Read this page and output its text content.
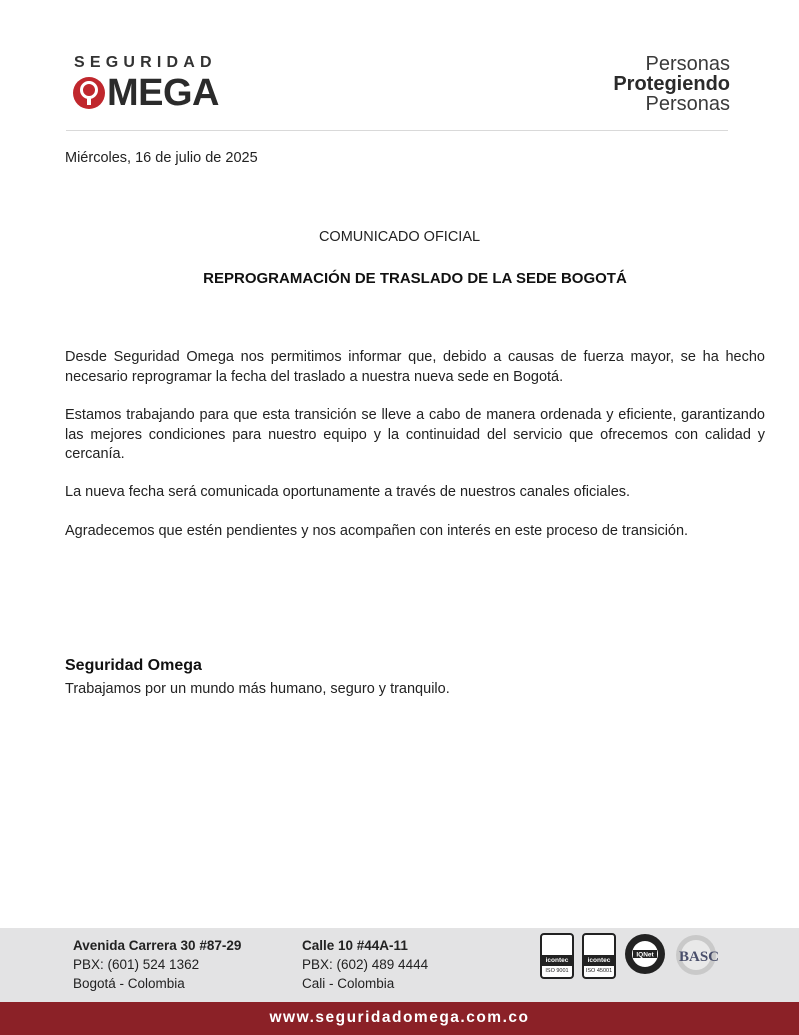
SEGURIDAD
MEGA
Personas
Protegiendo
Personas
Miércoles, 16 de julio de 2025
COMUNICADO OFICIAL
REPROGRAMACIÓN DE TRASLADO DE LA SEDE BOGOTÁ

Desde Seguridad Omega nos permitimos informar que, debido a causas de fuerza mayor, se ha hecho necesario reprogramar la fecha del traslado a nuestra nueva sede en Bogotá.

Estamos trabajando para que esta transición se lleve a cabo de manera ordenada y eficiente, garantizando las mejores condiciones para nuestro equipo y la continuidad del servicio que ofrecemos con calidad y cercanía.

La nueva fecha será comunicada oportunamente a través de nuestros canales oficiales.

Agradecemos que estén pendientes y nos acompañen con interés en este proceso de transición.

Seguridad Omega
Trabajamos por un mundo más humano, seguro y tranquilo.
Avenida Carrera 30 #87-29
PBX: (601) 524 1362
Bogotá - Colombia
Calle 10 #44A-11
PBX: (602) 489 4444
Cali - Colombia
icontec
ISO 9001
icontec
ISO 45001
IQNet BASC
www.seguridadomega.com.co
